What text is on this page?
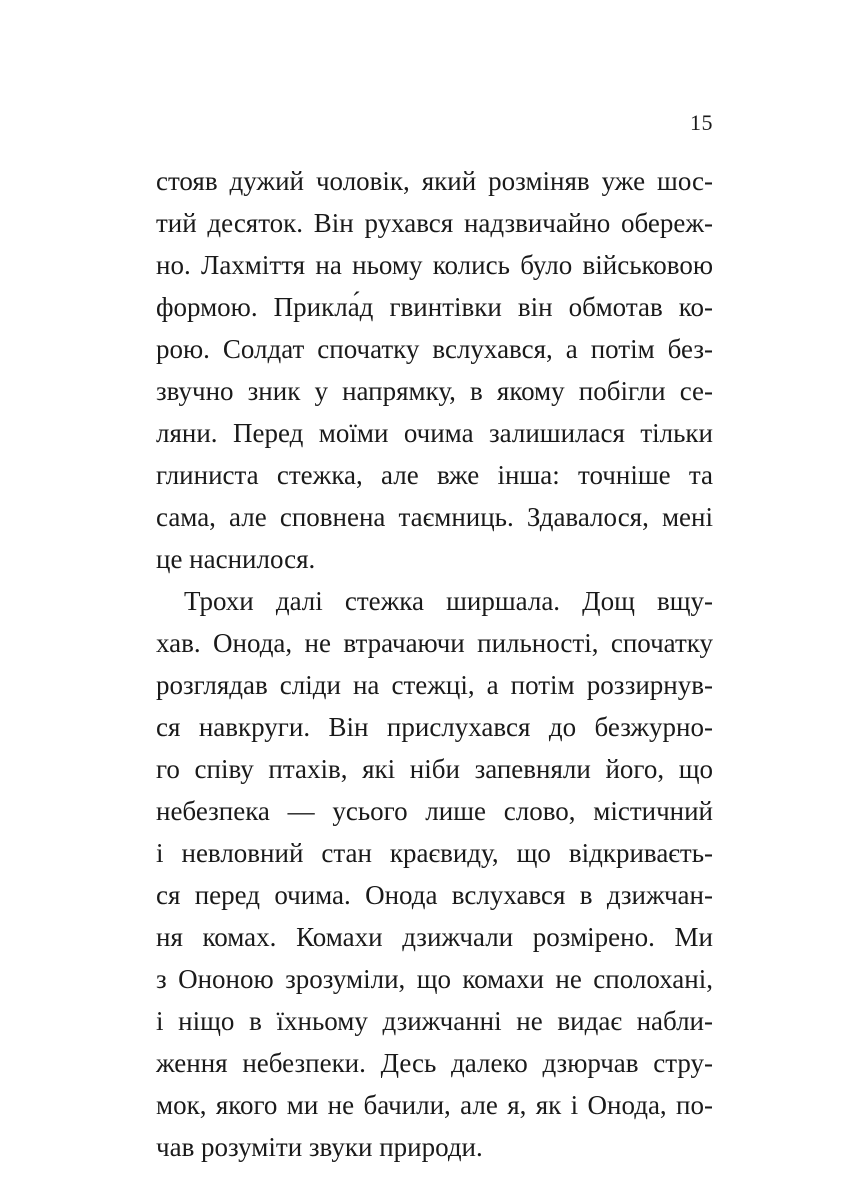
15
стояв дужий чоловік, який розміняв уже шос-
тий десяток. Він рухався надзвичайно обереж-
но. Лахміття на ньому колись було військовою
формою. Прикла́д гвинтівки він обмотав ко-
рою. Солдат спочатку вслухався, а потім без-
звучно зник у напрямку, в якому побігли се-
ляни. Перед моїми очима залишилася тільки
глиниста стежка, але вже інша: точніше та
сама, але сповнена таємниць. Здавалося, мені
це наснилося.
Трохи далі стежка ширшала. Дощ вщу-
хав. Онода, не втрачаючи пильності, спочатку
розглядав сліди на стежці, а потім роззирнув-
ся навкруги. Він прислухався до безжурно-
го співу птахів, які ніби запевняли його, що
небезпека — усього лише слово, містичний
і невловний стан краєвиду, що відкриваєть-
ся перед очима. Онода вслухався в дзижчан-
ня комах. Комахи дзижчали розмірено. Ми
з Ононою зрозуміли, що комахи не сполохані,
і ніщо в їхньому дзижчанні не видає набли-
ження небезпеки. Десь далеко дзюрчав стру-
мок, якого ми не бачили, але я, як і Онода, по-
чав розуміти звуки природи.
